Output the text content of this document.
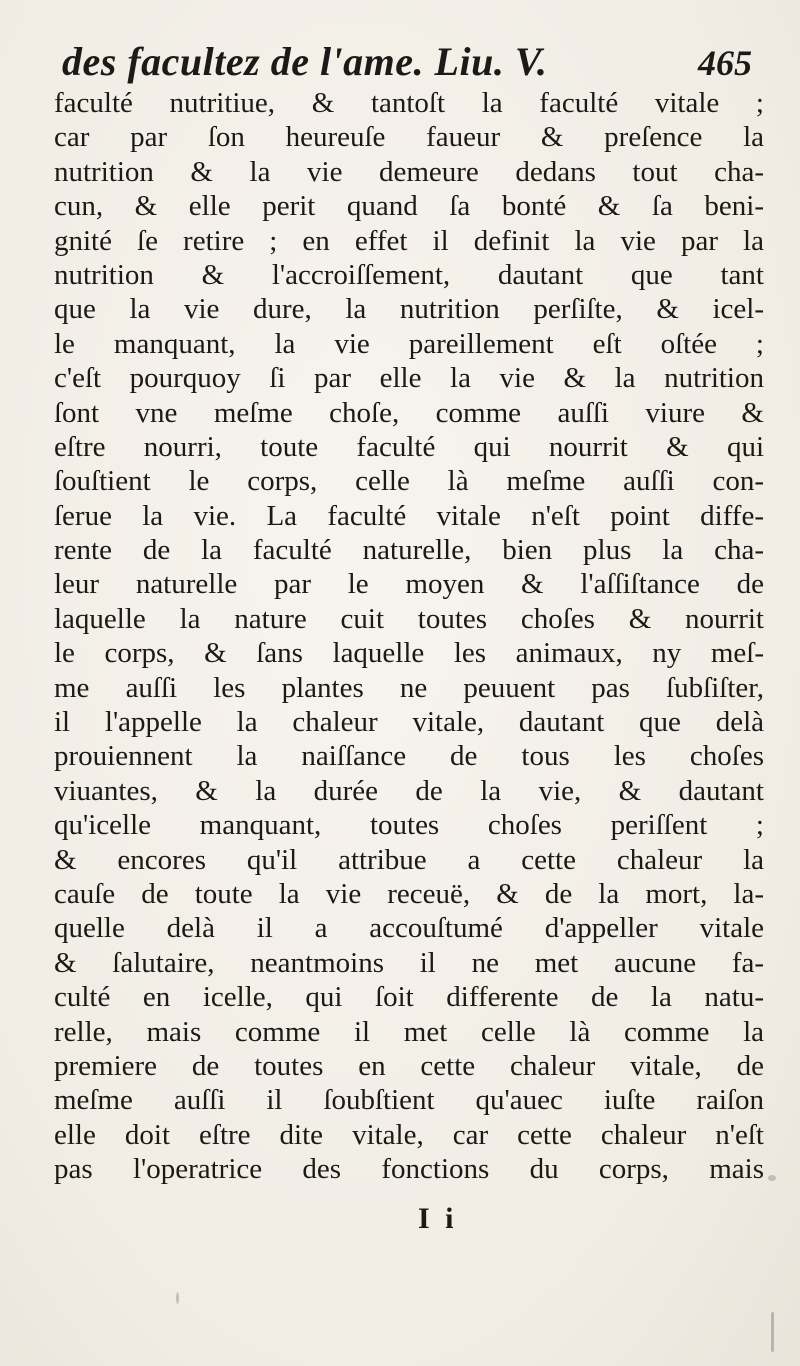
des facultez de l'ame. Liu. V.	465
faculté nutritiue, & tantoſt la faculté vitale ;
car par ſon heureuſe faueur & preſence la
nutrition & la vie demeure dedans tout cha-
cun, & elle perit quand ſa bonté & ſa beni-
gnité ſe retire ; en effet il definit la vie par la
nutrition & l'accroiſſement, dautant que tant
que la vie dure, la nutrition perſiſte, & icel-
le manquant, la vie pareillement eſt oſtée ;
c'eſt pourquoy ſi par elle la vie & la nutrition
ſont vne meſme choſe, comme auſſi viure &
eſtre nourri, toute faculté qui nourrit & qui
ſouſtient le corps, celle là meſme auſſi con-
ſerue la vie. La faculté vitale n'eſt point diffe-
rente de la faculté naturelle, bien plus la cha-
leur naturelle par le moyen & l'aſſiſtance de
laquelle la nature cuit toutes choſes & nourrit
le corps, & ſans laquelle les animaux, ny meſ-
me auſſi les plantes ne peuuent pas ſubſiſter,
il l'appelle la chaleur vitale, dautant que delà
prouiennent la naiſſance de tous les choſes
viuantes, & la durée de la vie, & dautant
qu'icelle manquant, toutes choſes periſſent ;
& encores qu'il attribue a cette chaleur la
cauſe de toute la vie receuë, & de la mort, la-
quelle delà il a accouſtumé d'appeller vitale
& ſalutaire, neantmoins il ne met aucune fa-
culté en icelle, qui ſoit differente de la natu-
relle, mais comme il met celle là comme la
premiere de toutes en cette chaleur vitale, de
meſme auſſi il ſoubſtient qu'auec iuſte raiſon
elle doit eſtre dite vitale, car cette chaleur n'eſt
pas l'operatrice des fonctions du corps, mais
I i
